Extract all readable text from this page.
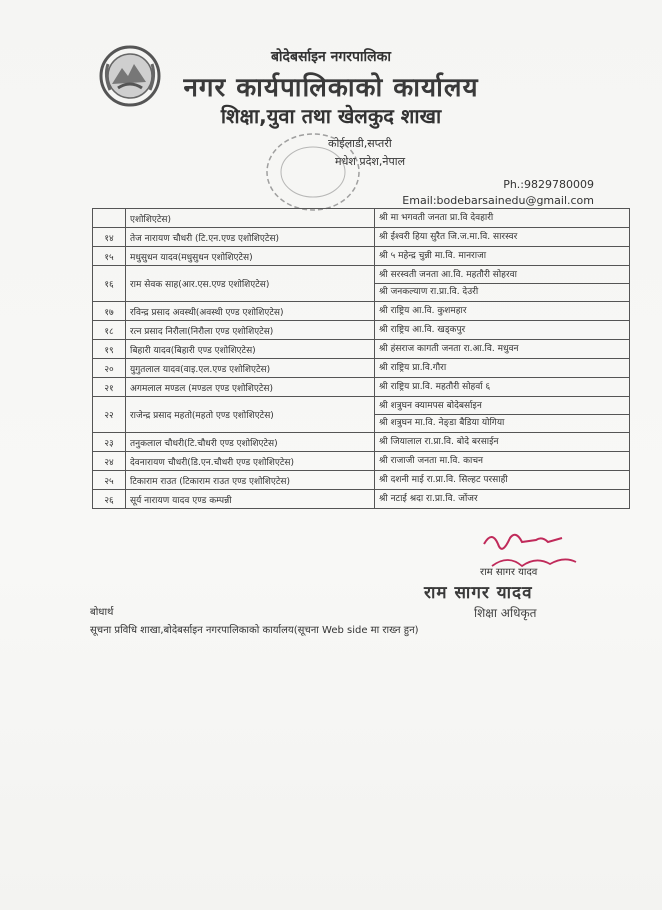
बोदेबर्साइन नगरपालिका
नगर कार्यपालिकाको कार्यालय
शिक्षा,युवा तथा खेलकुद शाखा
कोईलाडी,सप्तरी
मधेश प्रदेश,नेपाल
Ph.:9829780009
Email:bodebarsainedu@gmail.com
	एशोशिएटेस)	श्री मा भगवती जनता प्रा.वि देवहारी

१४	तेज नारायण चौधरी (टि.एन.एण्ड एशोशिएटेस)	श्री ईश्वरी हिया सुरैत जि.ज.मा.वि. सारस्वर

१५	मधुसुधन यादव(मधुसुधन एशोशिएटेस)	श्री ५ महेन्द्र चुन्नी मा.वि. मानराजा

१६	राम सेवक साह(आर.एस.एण्ड एशोशिएटेस)	श्री सरस्वती जनता आ.वि. महतौरी सोहरवा
श्री जनकल्याण रा.प्रा.वि. देउरी

१७	रविन्द्र प्रसाद अवस्थी(अवस्थी एण्ड एशोशिएटेस)	श्री राष्ट्रिय आ.वि. कुशमहार

१८	रत्न प्रसाद निरौला(निरौला एण्ड एशोशिएटेस)	श्री राष्ट्रिय आ.वि. खड्कपुर

१९	बिहारी यादव(बिहारी एण्ड एशोशिएटेस)	श्री हंसराज कागती जनता रा.आ.वि. मधुवन

२०	युगुतलाल यादव(वाइ.एल.एण्ड एशोशिएटेस)	श्री राष्ट्रिय प्रा.वि.गौरा

२१	अगमलाल मण्डल (मण्डल एण्ड एशोशिएटेस)	श्री राष्ट्रिय प्रा.वि. महतौरी सोहर्वा ६

२२	राजेन्द्र प्रसाद महतो(महतो एण्ड एशोशिएटेस)	श्री शत्रुघन क्यामपस बोदेबर्साइन
श्री शत्रुघन मा.वि. नेङ्डा बैडिया योगिया

२३	तनुकलाल चौधरी(टि.चौधरी एण्ड एशोशिएटेस)	श्री जियालाल रा.प्रा.वि. बोदे बरसाईन

२४	देवनारायण चौधरी(डि.एन.चौधरी एण्ड एशोशिएटेस)	श्री राजाजी जनता मा.वि. काचन

२५	टिकाराम राउत (टिकाराम राउत एण्ड एशोशिएटेस)	श्री दशनी माई रा.प्रा.वि. सिल्हट परसाही

२६	सूर्य नारायण यादव एण्ड कम्पन्नी	श्री नटाई श्रदा रा.प्रा.वि. जोंजर
राम सागर यादव
राम सागर यादव
शिक्षा अधिकृत
बोधार्थ
सूचना प्रविधि शाखा,बोदेबर्साइन नगरपालिकाको कार्यालय(सूचना Web side मा राख्न हुन)
